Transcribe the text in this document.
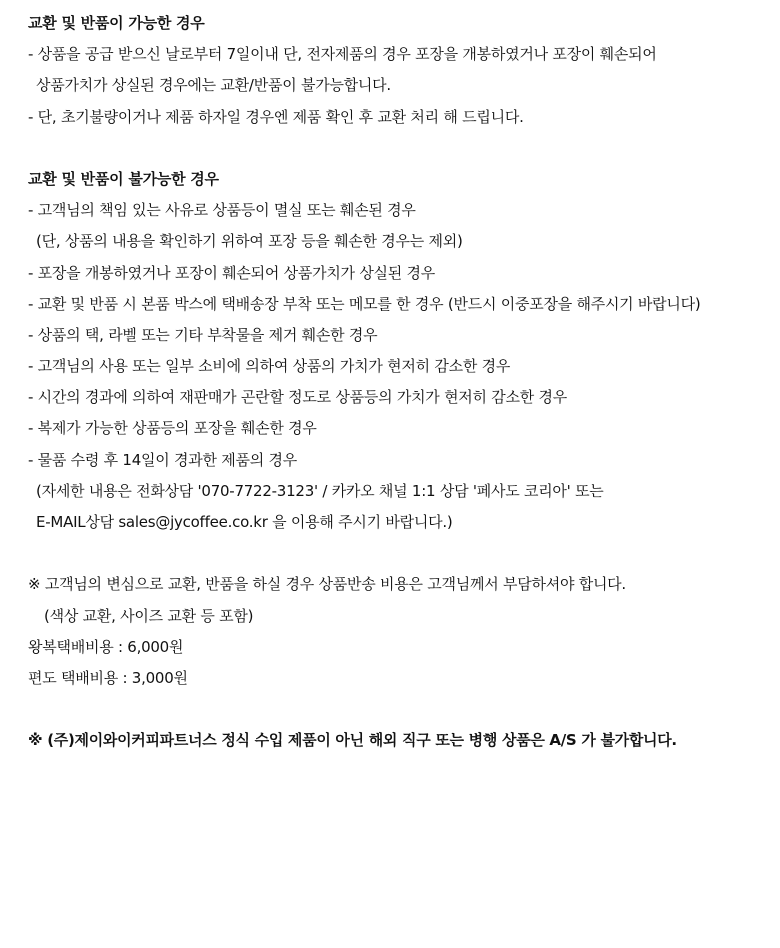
교환 및 반품이 가능한 경우
- 상품을 공급 받으신 날로부터 7일이내 단, 전자제품의 경우 포장을 개봉하였거나 포장이 훼손되어
상품가치가 상실된 경우에는 교환/반품이 불가능합니다.
- 단, 초기불량이거나 제품 하자일 경우엔 제품 확인 후 교환 처리 해 드립니다.
교환 및 반품이 불가능한 경우
- 고객님의 책임 있는 사유로 상품등이 멸실 또는 훼손된 경우
(단, 상품의 내용을 확인하기 위하여 포장 등을 훼손한 경우는 제외)
- 포장을 개봉하였거나 포장이 훼손되어 상품가치가 상실된 경우
- 교환 및 반품 시 본품 박스에 택배송장 부착 또는 메모를 한 경우 (반드시 이중포장을 해주시기 바랍니다)
- 상품의 택, 라벨 또는 기타 부착물을 제거 훼손한 경우
- 고객님의 사용 또는 일부 소비에 의하여 상품의 가치가 현저히 감소한 경우
- 시간의 경과에 의하여 재판매가 곤란할 정도로 상품등의 가치가 현저히 감소한 경우
- 복제가 가능한 상품등의 포장을 훼손한 경우
- 물품 수령 후 14일이 경과한 제품의 경우
(자세한 내용은 전화상담 '070-7722-3123' / 카카오 채널 1:1 상담 '페사도 코리아' 또는
E-MAIL상담 sales@jycoffee.co.kr 을 이용해 주시기 바랍니다.)
※ 고객님의 변심으로 교환, 반품을 하실 경우 상품반송 비용은 고객님께서 부담하셔야 합니다.
(색상 교환, 사이즈 교환 등 포함)
왕복택배비용 : 6,000원
편도 택배비용 : 3,000원
※ (주)제이와이커피파트너스 정식 수입 제품이 아닌 해외 직구 또는 병행 상품은 A/S 가 불가합니다.
